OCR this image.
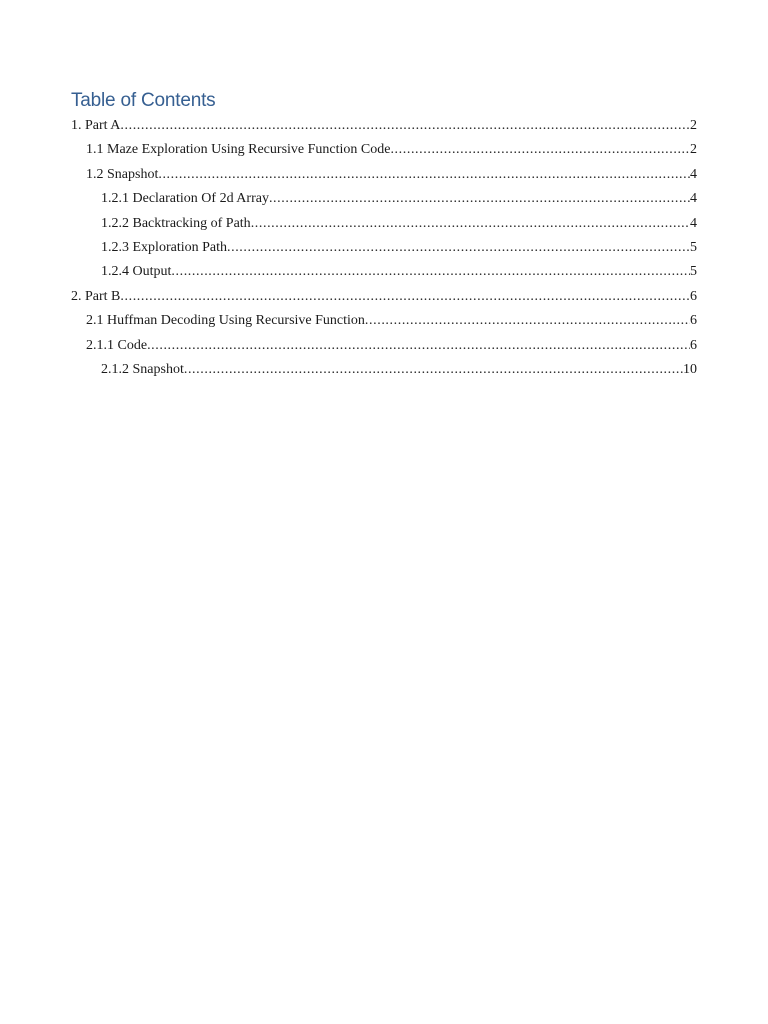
Table of Contents
1. Part A .....	2
1.1 Maze Exploration Using Recursive Function Code .....	2
1.2 Snapshot .....	4
1.2.1 Declaration Of 2d Array .....	4
1.2.2 Backtracking of Path .....	4
1.2.3 Exploration Path .....	5
1.2.4 Output .....	5
2. Part B .....	6
2.1 Huffman Decoding Using Recursive Function .....	6
2.1.1 Code .....	6
2.1.2 Snapshot .....	10
